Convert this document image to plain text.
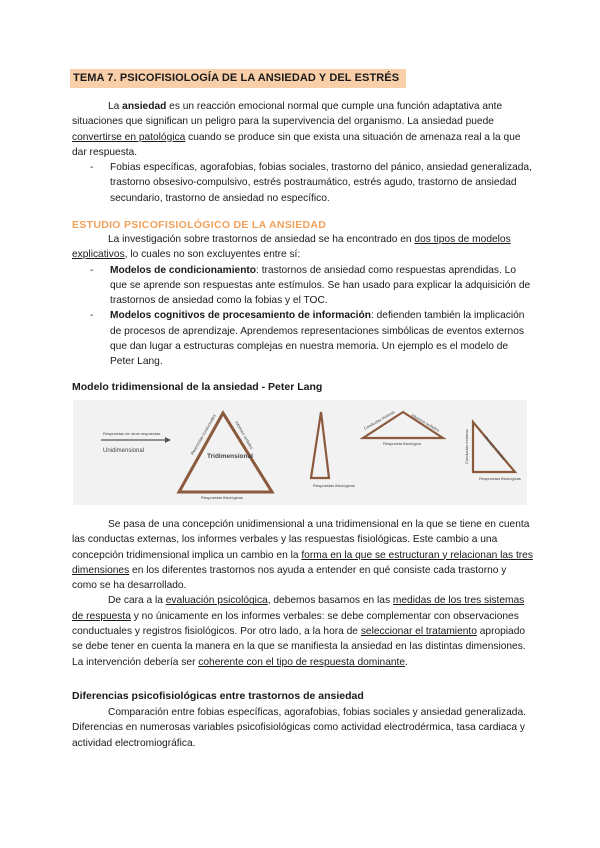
TEMA 7. PSICOFISIOLOGÍA DE LA ANSIEDAD Y DEL ESTRÉS

La ansiedad es un reacción emocional normal que cumple una función adaptativa ante situaciones que significan un peligro para la supervivencia del organismo. La ansiedad puede convertirse en patológica cuando se produce sin que exista una situación de amenaza real a la que dar respuesta.

- Fobias específicas, agorafobias, fobias sociales, trastorno del pánico, ansiedad generalizada, trastorno obsesivo-compulsivo, estrés postraumático, estrés agudo, trastorno de ansiedad secundario, trastorno de ansiedad no específico.
ESTUDIO PSICOFISIOLÓGICO DE LA ANSIEDAD

La investigación sobre trastornos de ansiedad se ha encontrado en dos tipos de modelos explicativos, lo cuales no son excluyentes entre sí:

- Modelos de condicionamiento: trastornos de ansiedad como respuestas aprendidas. Lo que se aprende son respuestas ante estímulos. Se han usado para explicar la adquisición de trastornos de ansiedad como la fobias y el TOC.
- Modelos cognitivos de procesamiento de información: defienden también la implicación de procesos de aprendizaje. Aprendemos representaciones simbólicas de eventos externos que dan lugar a estructuras complejas en nuestra memoria. Un ejemplo es el modelo de Peter Lang.
Modelo tridimensional de la ansiedad - Peter Lang
Respuestas de otras respuestas
Unidimensional
Tridimensional
Respuestas fisiológicas
Respuestas conductuales	Informes verbales
Respuestas fisiológicas
Conductas motoras	Informes verbales
Respuesta fisiológica	Conductas motoras	Informes verbales
Respuestas fisiológicas

Se pasa de una concepción unidimensional a una tridimensional en la que se tiene en cuenta las conductas externas, los informes verbales y las respuestas fisiológicas. Este cambio a una concepción tridimensional implica un cambio en la forma en la que se estructuran y relacionan las tres dimensiones en los diferentes trastornos nos ayuda a entender en qué consiste cada trastorno y como se ha desarrollado.

De cara a la evaluación psicológica, debemos basarnos en las medidas de los tres sistemas de respuesta y no únicamente en los informes verbales: se debe complementar con observaciones conductuales y registros fisiológicos. Por otro lado, a la hora de seleccionar el tratamiento apropiado se debe tener en cuenta la manera en la que se manifiesta la ansiedad en las distintas dimensiones. La intervención debería ser coherente con el tipo de respuesta dominante.

Diferencias psicofisiológicas entre trastornos de ansiedad

Comparación entre fobias específicas, agorafobias, fobias sociales y ansiedad generalizada. Diferencias en numerosas variables psicofisiológicas como actividad electrodérmica, tasa cardiaca y actividad electromiográfica.
